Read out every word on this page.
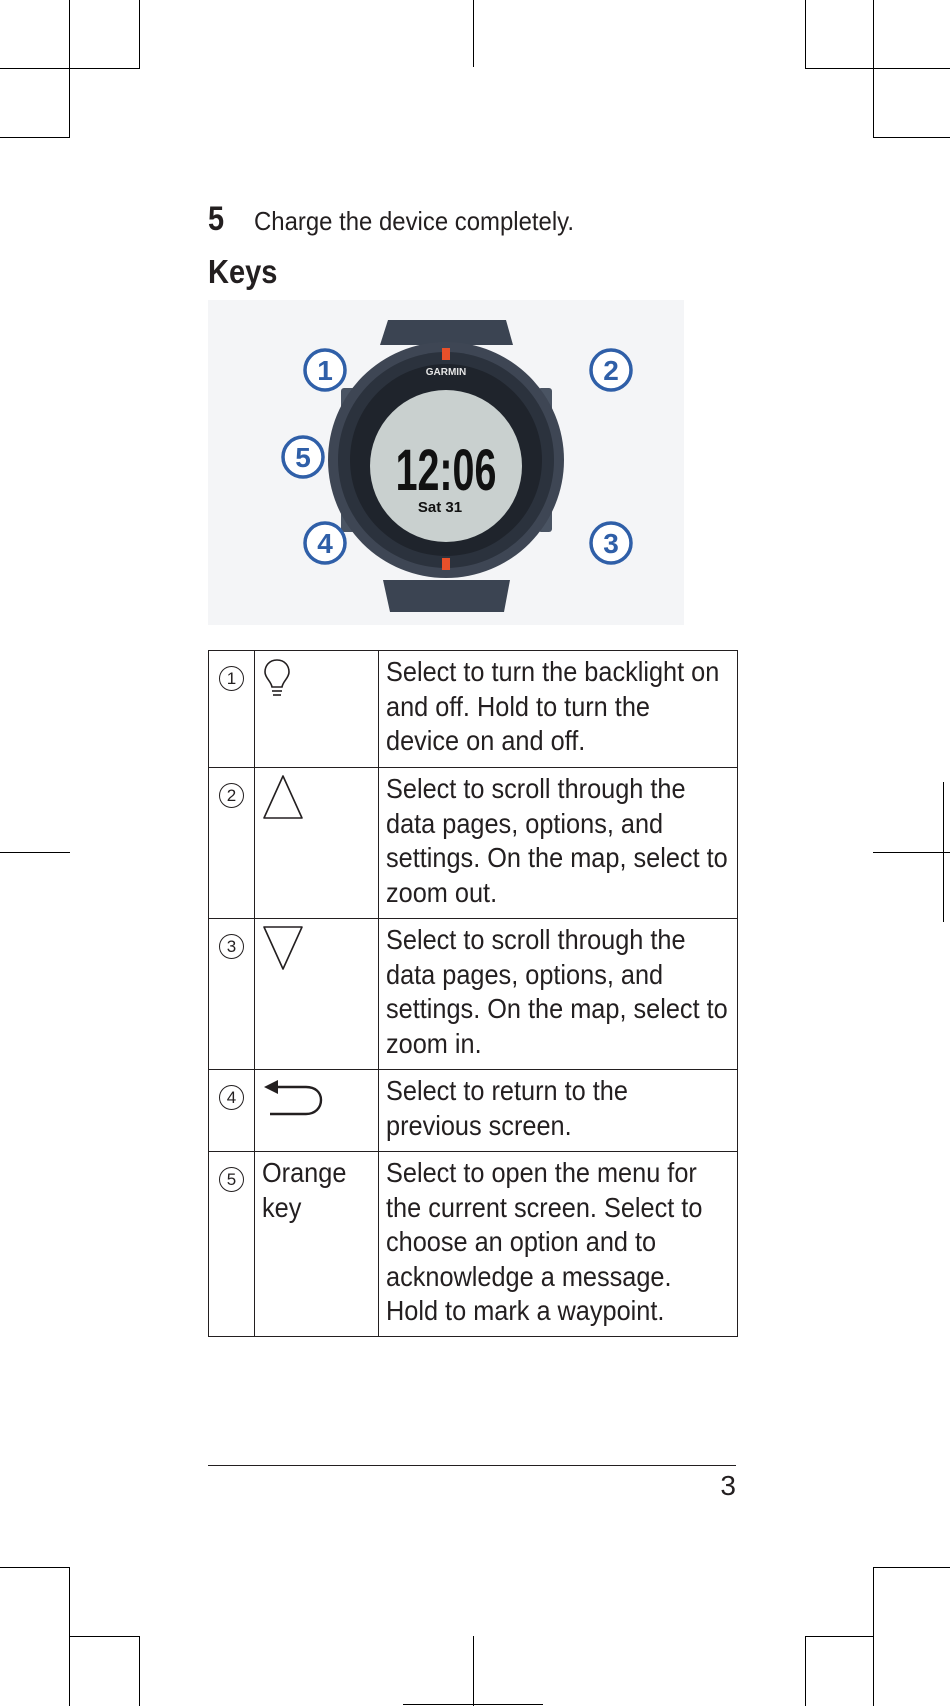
5 Charge the device completely.
Keys
GARMIN
12:06
Sat 31
1	2
5
4	3
1		Select to turn the backlight on and off. Hold to turn the device on and off.

2		Select to scroll through the data pages, options, and settings. On the map, select to zoom out.

3		Select to scroll through the data pages, options, and settings. On the map, select to zoom in.

4		Select to return to the previous screen.

5	Orange key	Select to open the menu for the current screen. Select to choose an option and to acknowledge a message. Hold to mark a waypoint.
3
